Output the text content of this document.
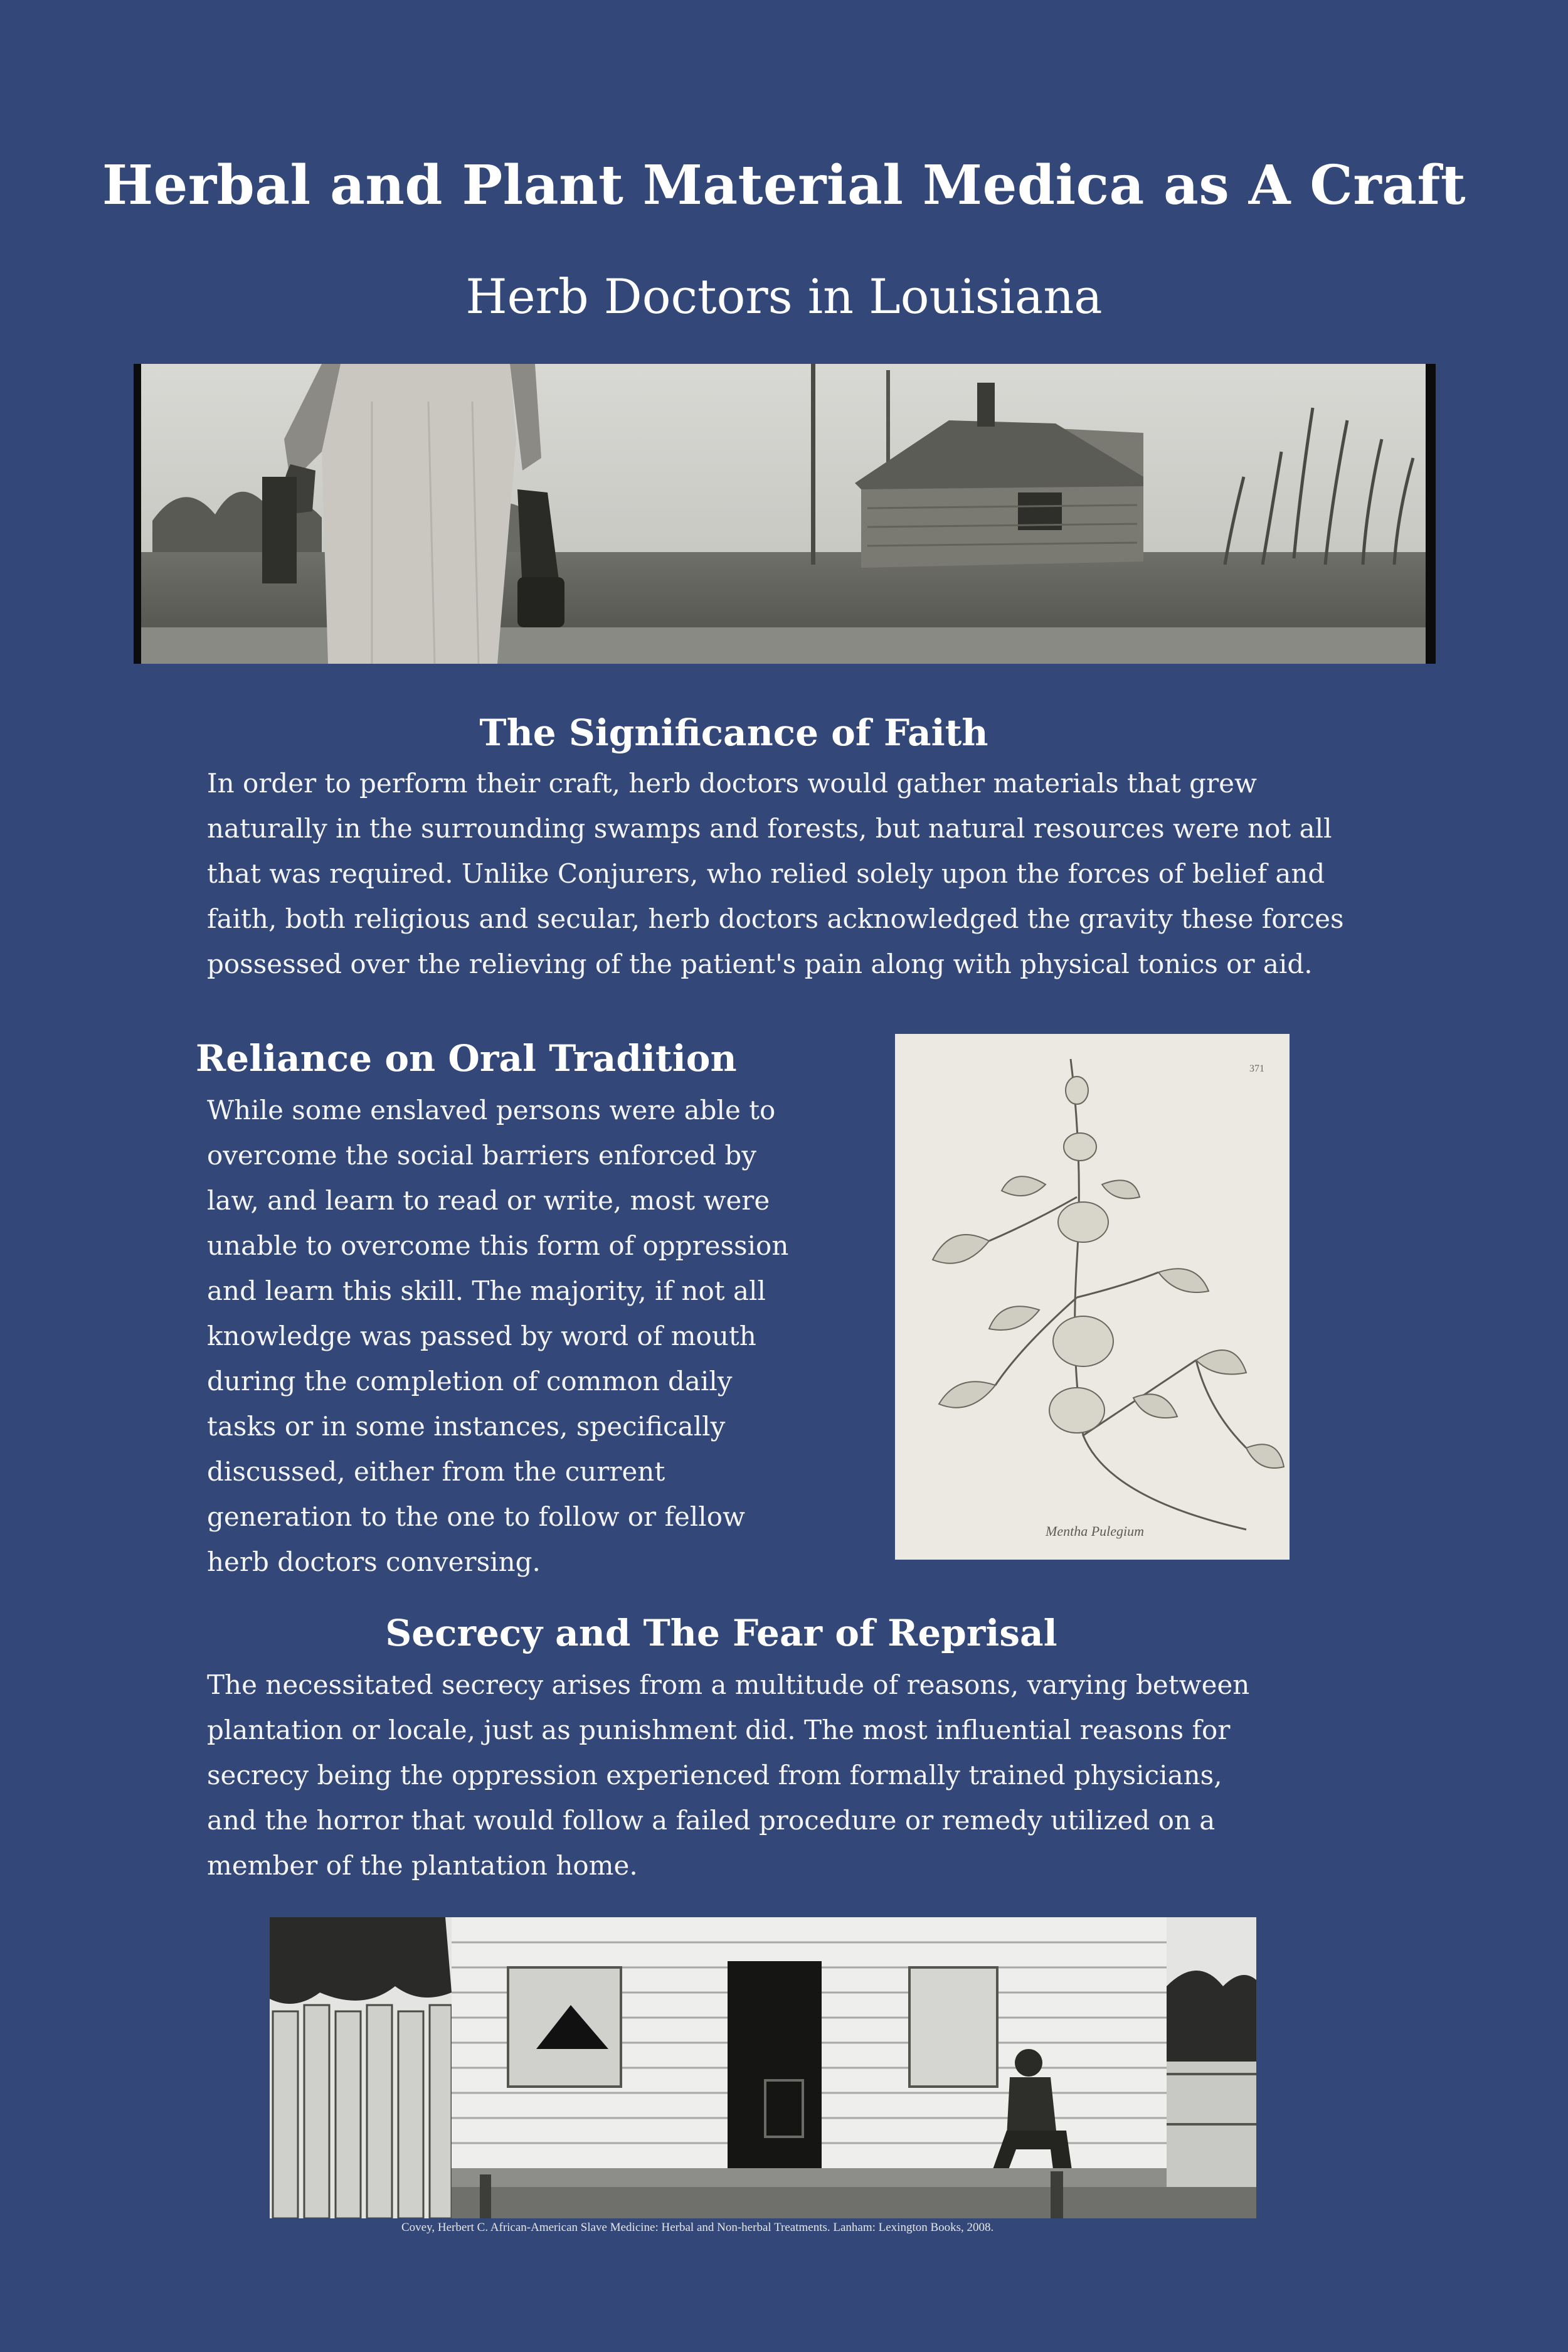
Herbal and Plant Material Medica as A Craft
Herb Doctors in Louisiana
The Significance of Faith

In order to perform their craft, herb doctors would gather materials that grew

naturally in the surrounding swamps and forests, but natural resources were not all

that was required. Unlike Conjurers, who relied solely upon the forces of belief and

faith, both religious and secular, herb doctors acknowledged the gravity these forces

possessed over the relieving of the patient's pain along with physical tonics or aid.

Reliance on Oral Tradition

While some enslaved persons were able to

overcome the social barriers enforced by

law, and learn to read or write, most were

unable to overcome this form of oppression

and learn this skill. The majority, if not all

knowledge was passed by word of mouth

during the completion of common daily

tasks or in some instances, specifically

discussed, either from the current

generation to the one to follow or fellow

herb doctors conversing.

371
Mentha Pulegium
Secrecy and The Fear of Reprisal

The necessitated secrecy arises from a multitude of reasons, varying between

plantation or locale, just as punishment did. The most influential reasons for

secrecy being the oppression experienced from formally trained physicians,

and the horror that would follow a failed procedure or remedy utilized on a

member of the plantation home.

Covey, Herbert C. African-American Slave Medicine: Herbal and Non-herbal Treatments. Lanham: Lexington Books, 2008.
